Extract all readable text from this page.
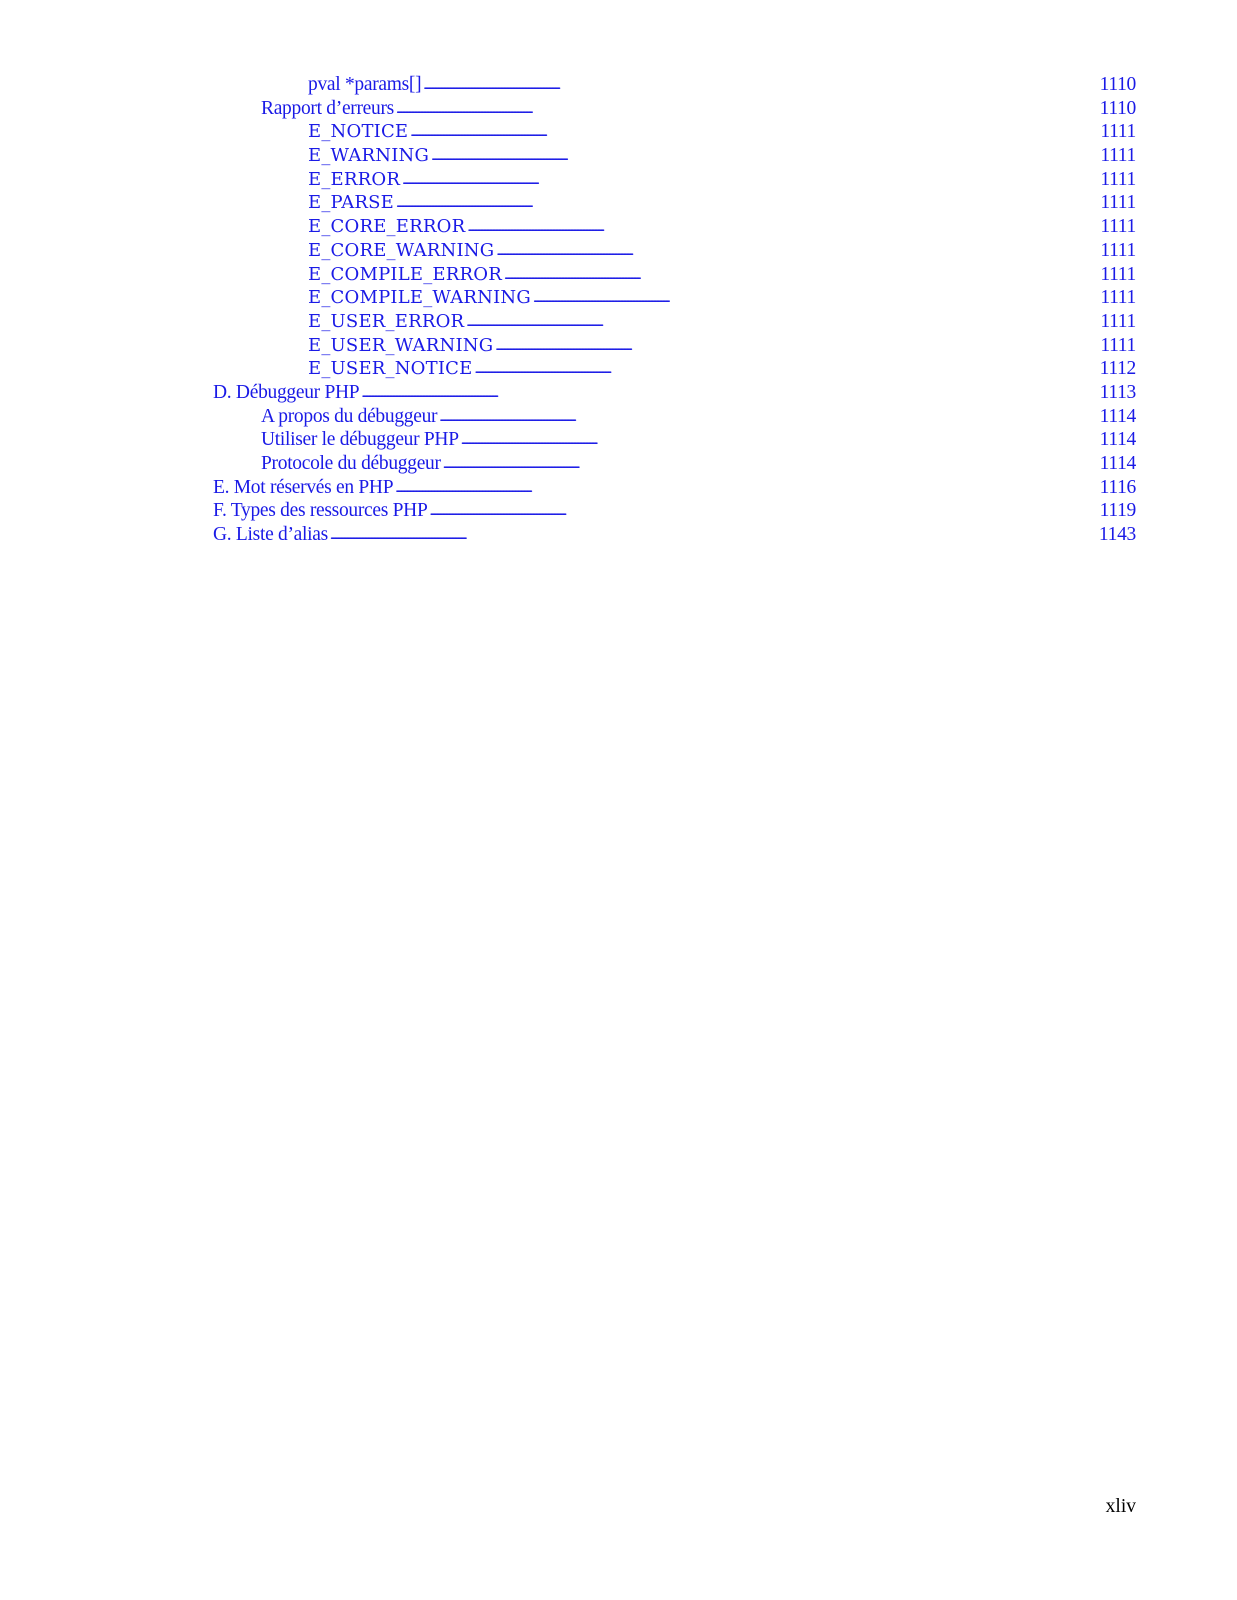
pval *params[] . . .	1110
Rapport d’erreurs . . .	1110
E_NOTICE . . .	1111
E_WARNING . . .	1111
E_ERROR . . .	1111
E_PARSE . . .	1111
E_CORE_ERROR . . .	1111
E_CORE_WARNING . . .	1111
E_COMPILE_ERROR . . .	1111
E_COMPILE_WARNING . . .	1111
E_USER_ERROR . . .	1111
E_USER_WARNING . . .	1111
E_USER_NOTICE . . .	1112
D. Débuggeur PHP . . .	1113
A propos du débuggeur . . .	1114
Utiliser le débuggeur PHP . . .	1114
Protocole du débuggeur . . .	1114
E. Mot réservés en PHP . . .	1116
F. Types des ressources PHP . . .	1119
G. Liste d’alias . . .	1143
xliv
